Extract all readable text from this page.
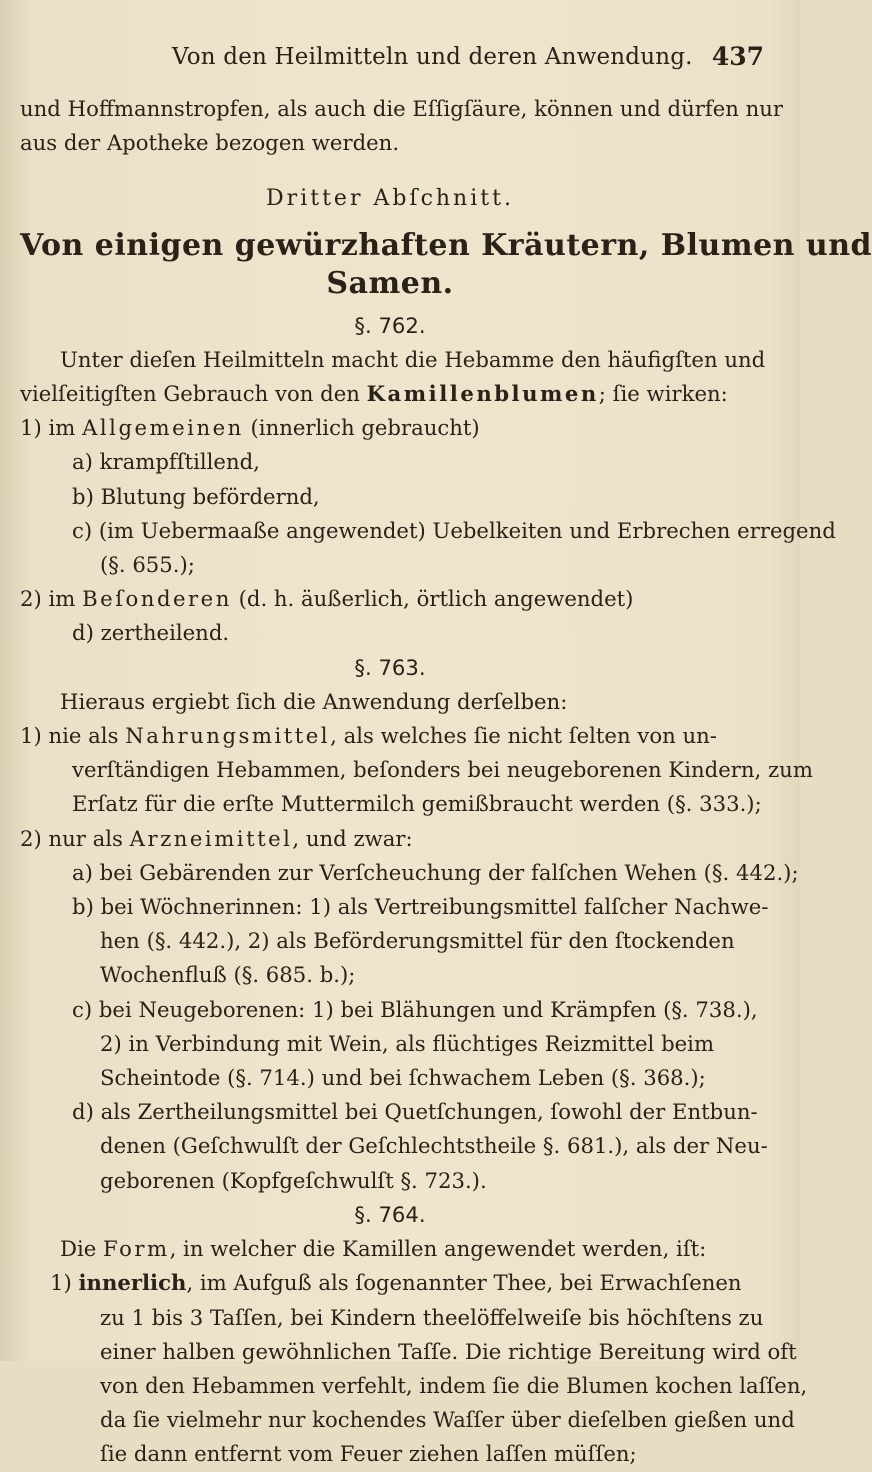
Von den Heilmitteln und deren Anwendung. 437
und Hoffmannstropfen, als auch die Eſſigſäure, können und dürfen nur
aus der Apotheke bezogen werden.
Dritter Abſchnitt.
Von einigen gewürzhaften Kräutern, Blumen und
Samen.
§. 762.
Unter dieſen Heilmitteln macht die Hebamme den häufigſten und
vielſeitigſten Gebrauch von den Kamillenblumen; ſie wirken:
1) im Allgemeinen (innerlich gebraucht)
a) krampfſtillend,
b) Blutung befördernd,
c) (im Uebermaaße angewendet) Uebelkeiten und Erbrechen erregend
(§. 655.);
2) im Beſonderen (d. h. äußerlich, örtlich angewendet)
d) zertheilend.
§. 763.
Hieraus ergiebt ſich die Anwendung derſelben:
1) nie als Nahrungsmittel, als welches ſie nicht ſelten von un-
verſtändigen Hebammen, beſonders bei neugeborenen Kindern, zum
Erſatz für die erſte Muttermilch gemißbraucht werden (§. 333.);
2) nur als Arzneimittel, und zwar:
a) bei Gebärenden zur Verſcheuchung der falſchen Wehen (§. 442.);
b) bei Wöchnerinnen: 1) als Vertreibungsmittel falſcher Nachwe-
hen (§. 442.), 2) als Beförderungsmittel für den ſtockenden
Wochenfluß (§. 685. b.);
c) bei Neugeborenen: 1) bei Blähungen und Krämpfen (§. 738.),
2) in Verbindung mit Wein, als flüchtiges Reizmittel beim
Scheintode (§. 714.) und bei ſchwachem Leben (§. 368.);
d) als Zertheilungsmittel bei Quetſchungen, ſowohl der Entbun-
denen (Geſchwulſt der Geſchlechtstheile §. 681.), als der Neu-
geborenen (Kopfgeſchwulſt §. 723.).
§. 764.
Die Form, in welcher die Kamillen angewendet werden, iſt:
1) innerlich, im Aufguß als ſogenannter Thee, bei Erwachſenen
zu 1 bis 3 Taſſen, bei Kindern theelöffelweiſe bis höchſtens zu
einer halben gewöhnlichen Taſſe. Die richtige Bereitung wird oft
von den Hebammen verfehlt, indem ſie die Blumen kochen laſſen,
da ſie vielmehr nur kochendes Waſſer über dieſelben gießen und
ſie dann entfernt vom Feuer ziehen laſſen müſſen;
